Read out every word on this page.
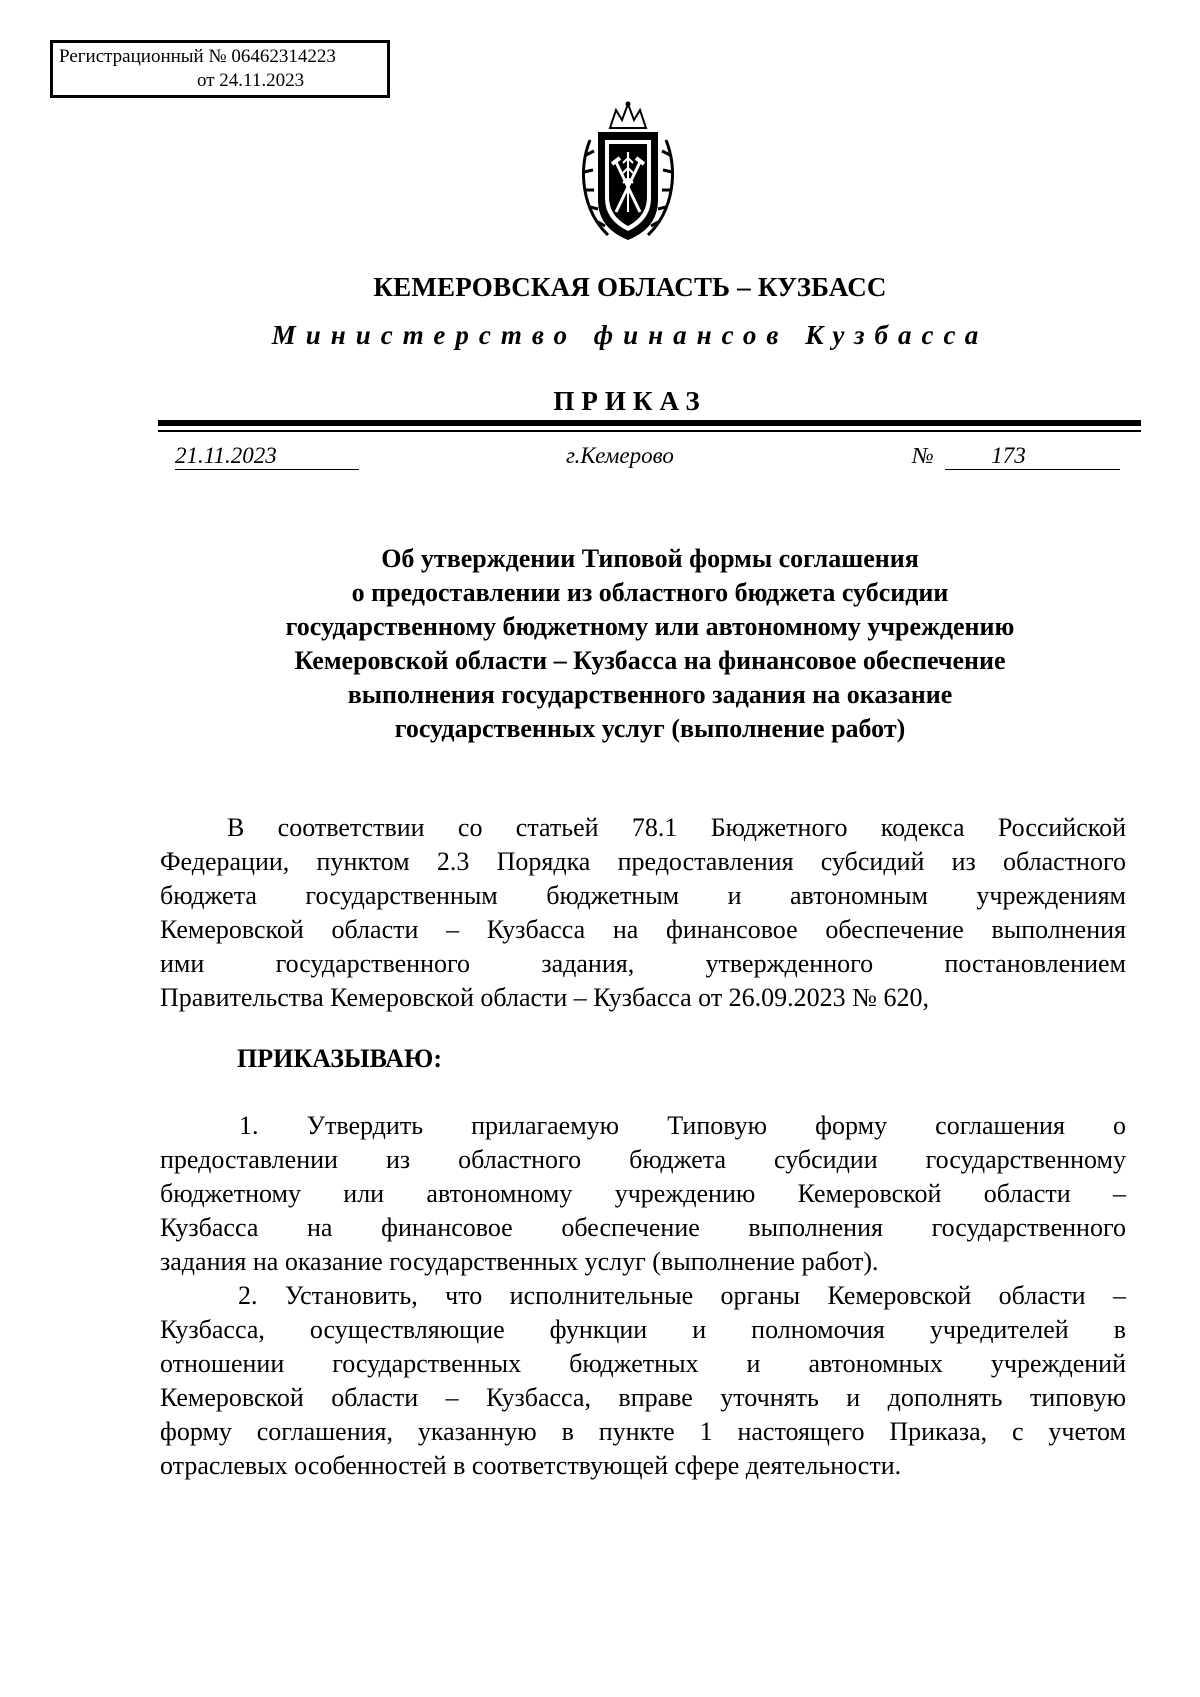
Регистрационный № 06462314223
от 24.11.2023
КЕМЕРОВСКАЯ ОБЛАСТЬ – КУЗБАСС
Министерство финансов Кузбасса
ПРИКАЗ
21.11.2023	г.Кемерово	№	173
Об утверждении Типовой формы соглашения
о предоставлении из областного бюджета субсидии
государственному бюджетному или автономному учреждению
Кемеровской области – Кузбасса на финансовое обеспечение
выполнения государственного задания на оказание
государственных услуг (выполнение работ)
В соответствии со статьей 78.1 Бюджетного кодекса Российской
Федерации, пунктом 2.3 Порядка предоставления субсидий из областного
бюджета государственным бюджетным и автономным учреждениям
Кемеровской области – Кузбасса на финансовое обеспечение выполнения
ими государственного задания, утвержденного постановлением
Правительства Кемеровской области – Кузбасса от 26.09.2023 № 620,
ПРИКАЗЫВАЮ:
1. Утвердить прилагаемую Типовую форму соглашения о
предоставлении из областного бюджета субсидии государственному
бюджетному или автономному учреждению Кемеровской области –
Кузбасса на финансовое обеспечение выполнения государственного
задания на оказание государственных услуг (выполнение работ).
2. Установить, что исполнительные органы Кемеровской области –
Кузбасса, осуществляющие функции и полномочия учредителей в
отношении государственных бюджетных и автономных учреждений
Кемеровской области – Кузбасса, вправе уточнять и дополнять типовую
форму соглашения, указанную в пункте 1 настоящего Приказа, с учетом
отраслевых особенностей в соответствующей сфере деятельности.
